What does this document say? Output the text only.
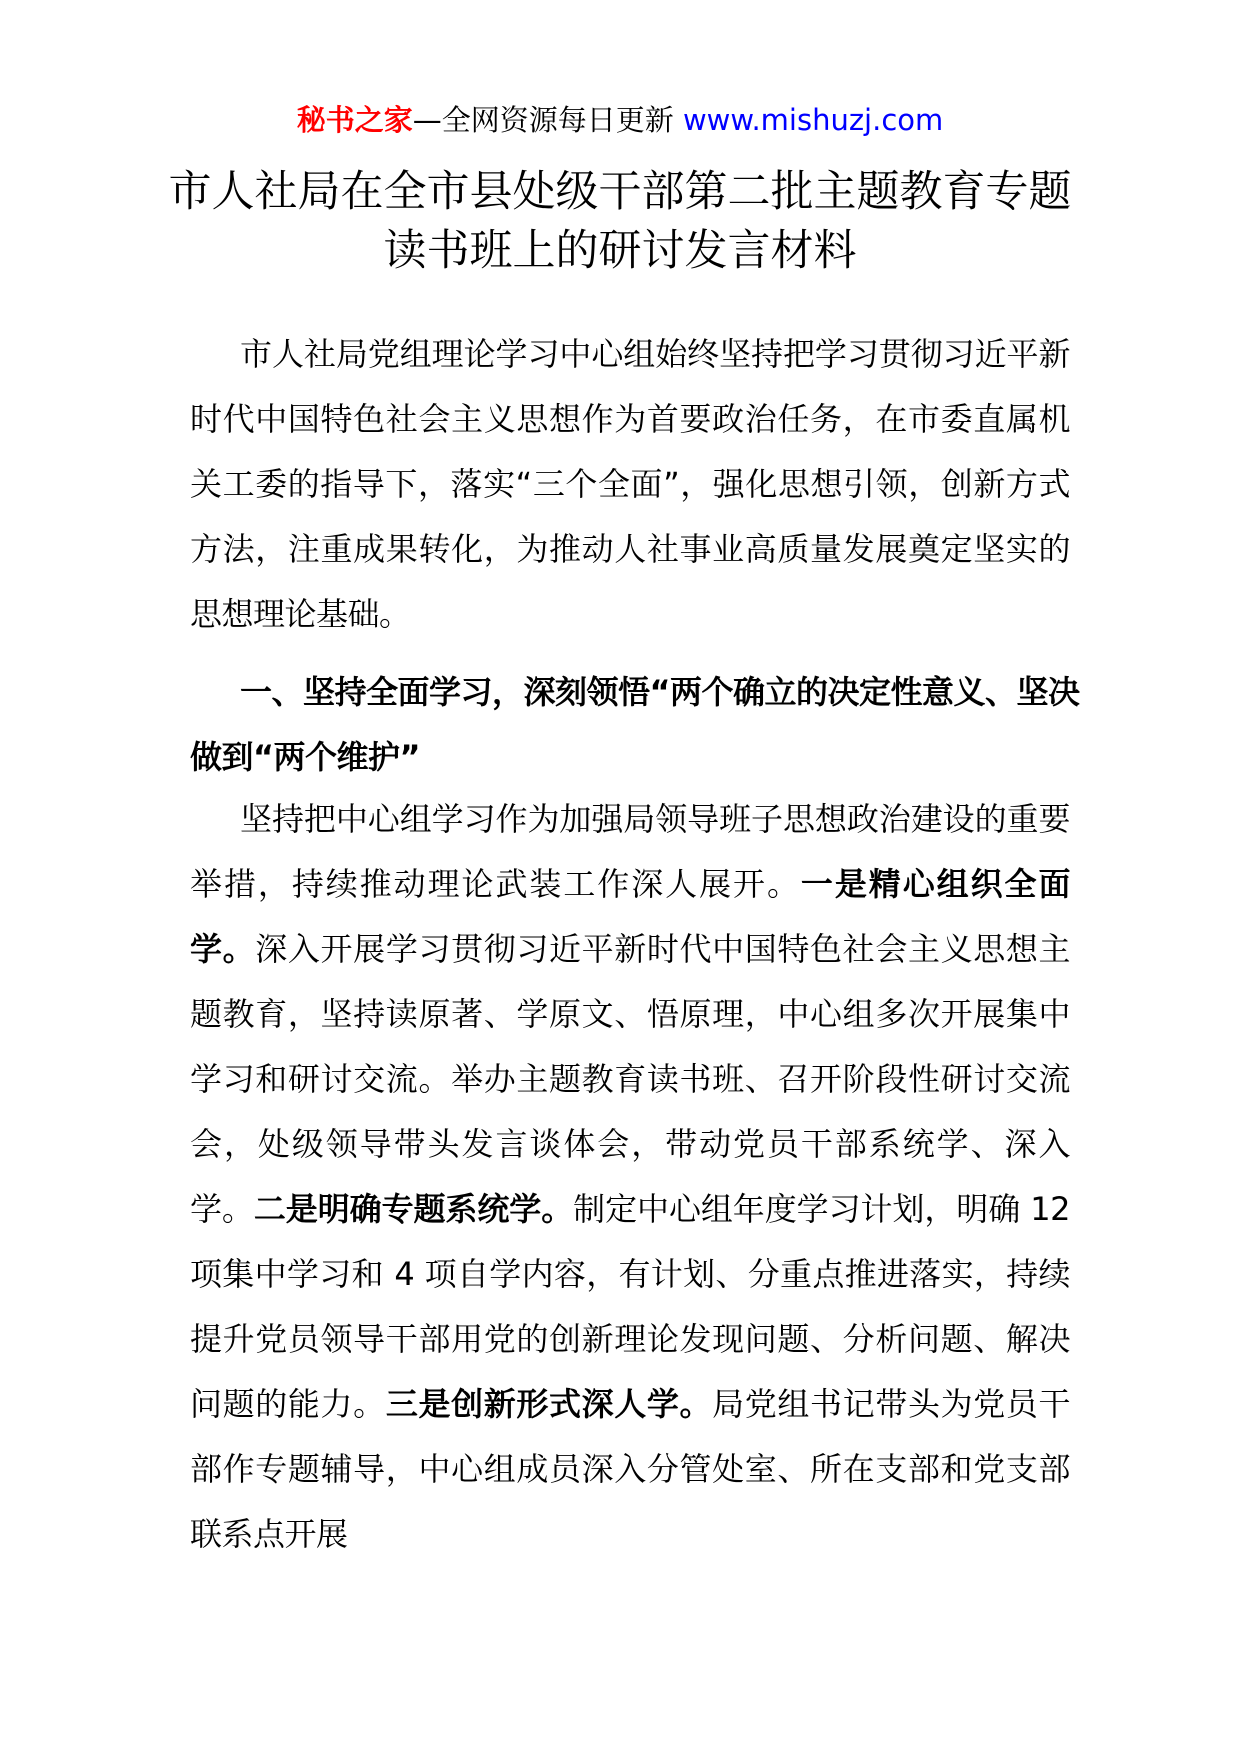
秘书之家—全网资源每日更新 www.mishuzj.com
市人社局在全市县处级干部第二批主题教育专题读书班上的研讨发言材料

市人社局党组理论学习中心组始终坚持把学习贯彻习近平新时代中国特色社会主义思想作为首要政治任务，在市委直属机关工委的指导下，落实“三个全面”，强化思想引领，创新方式方法，注重成果转化，为推动人社事业高质量发展奠定坚实的思想理论基础。

一、坚持全面学习，深刻领悟“两个确立的决定性意义、坚决做到“两个维护”

坚持把中心组学习作为加强局领导班子思想政治建设的重要举措，持续推动理论武装工作深人展开。一是精心组织全面学。深入开展学习贯彻习近平新时代中国特色社会主义思想主题教育，坚持读原著、学原文、悟原理，中心组多次开展集中学习和研讨交流。举办主题教育读书班、召开阶段性研讨交流会，处级领导带头发言谈体会，带动党员干部系统学、深入学。二是明确专题系统学。制定中心组年度学习计划，明确 12 项集中学习和 4 项自学内容，有计划、分重点推进落实，持续提升党员领导干部用党的创新理论发现问题、分析问题、解决问题的能力。三是创新形式深人学。局党组书记带头为党员干部作专题辅导，中心组成员深入分管处室、所在支部和党支部联系点开展
